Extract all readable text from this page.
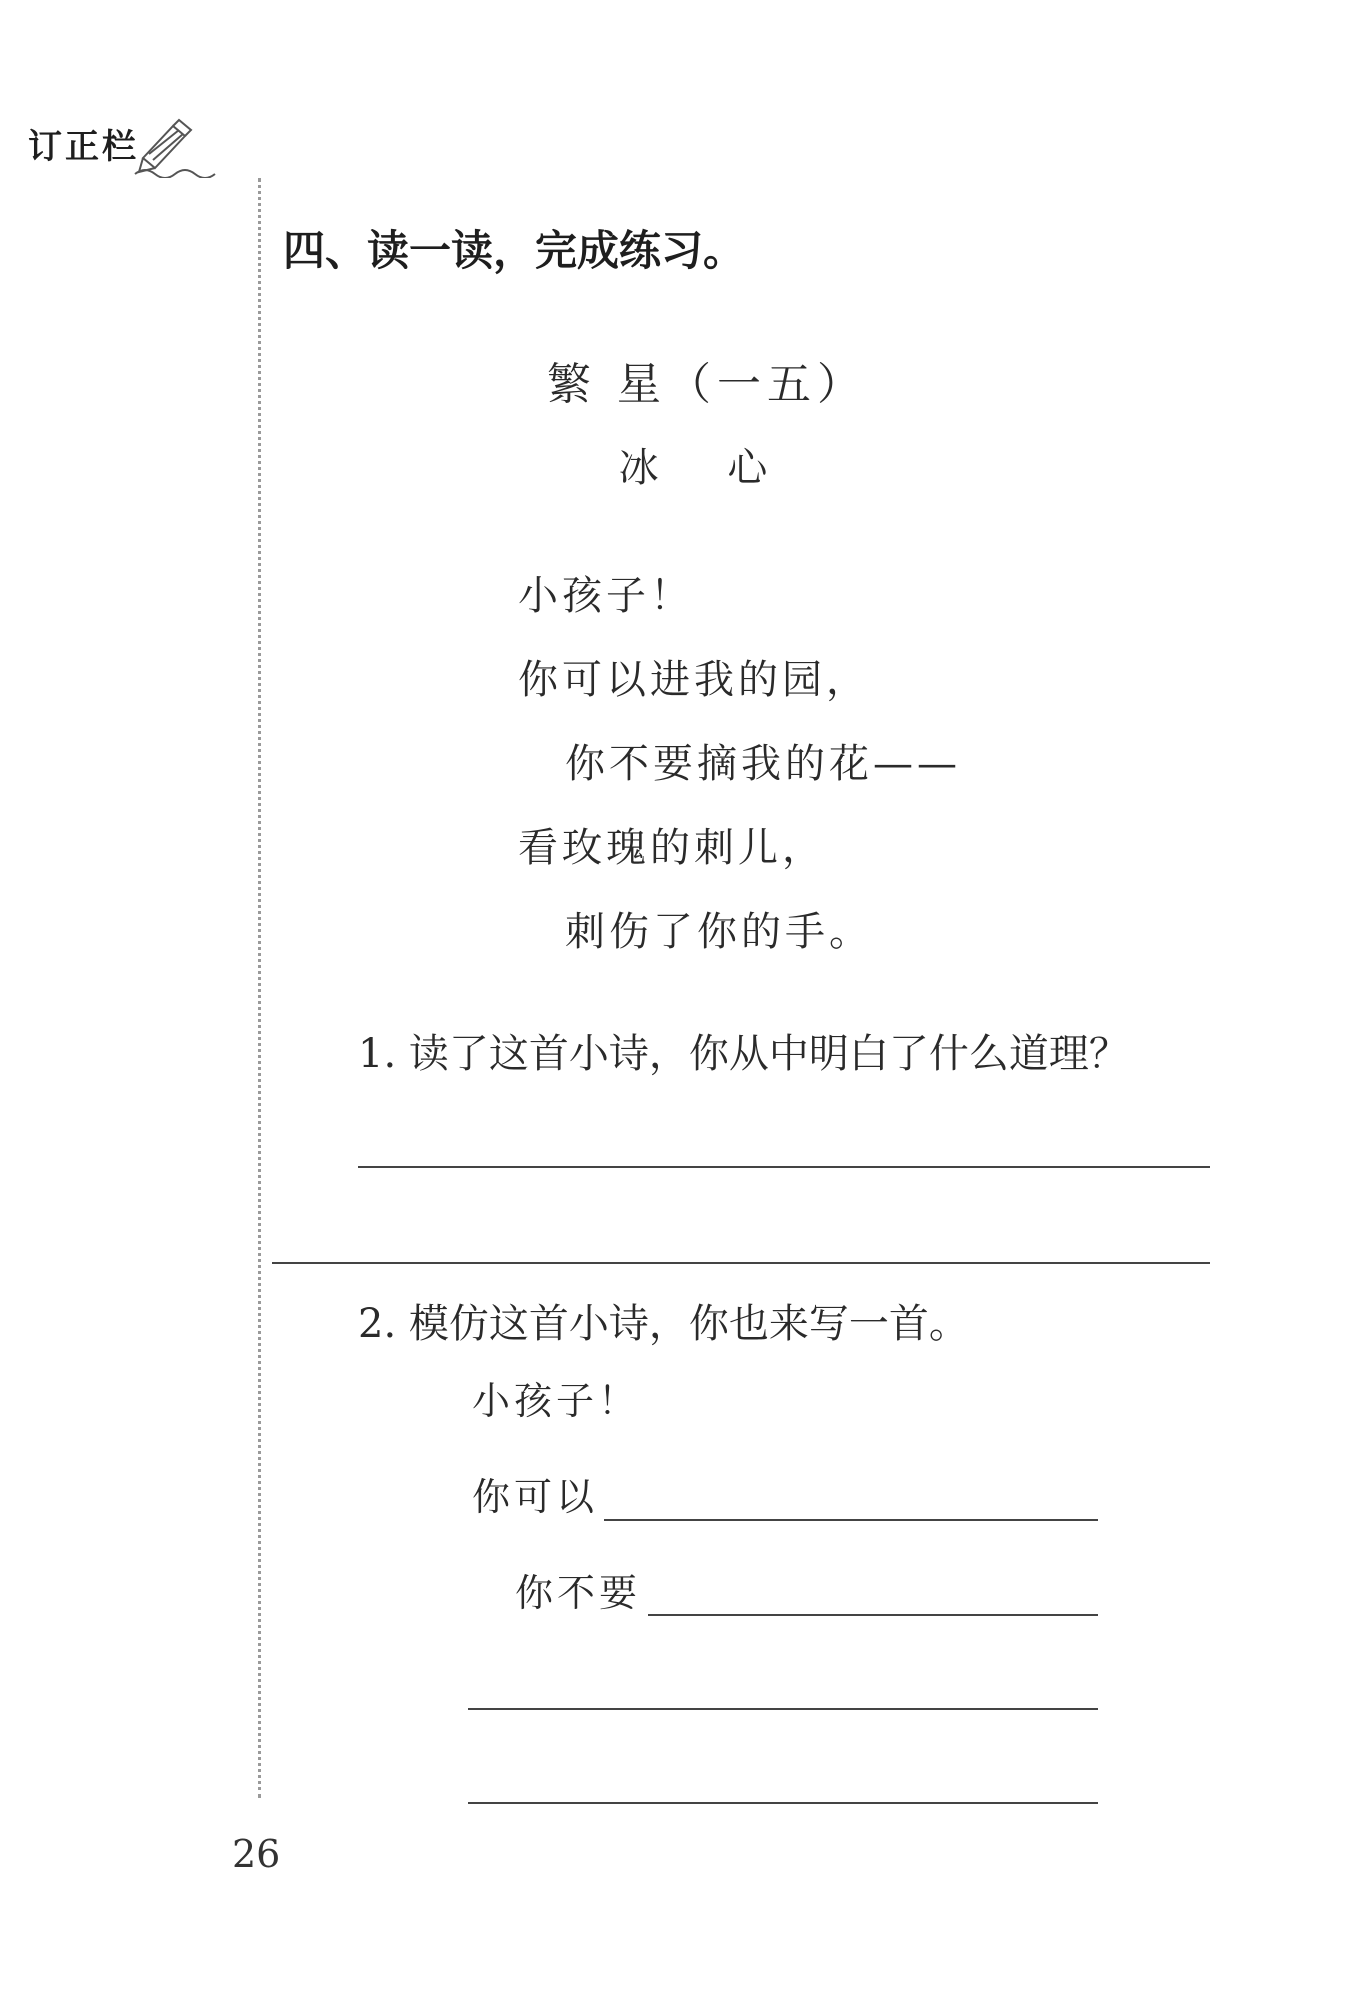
订正栏
四、读一读，完成练习。
繁 星（一五）
冰 心
小孩子！
你可以进我的园，
你不要摘我的花——
看玫瑰的刺儿，
刺伤了你的手。
1. 读了这首小诗，你从中明白了什么道理？
2. 模仿这首小诗，你也来写一首。
小孩子！
你可以
你不要
26
